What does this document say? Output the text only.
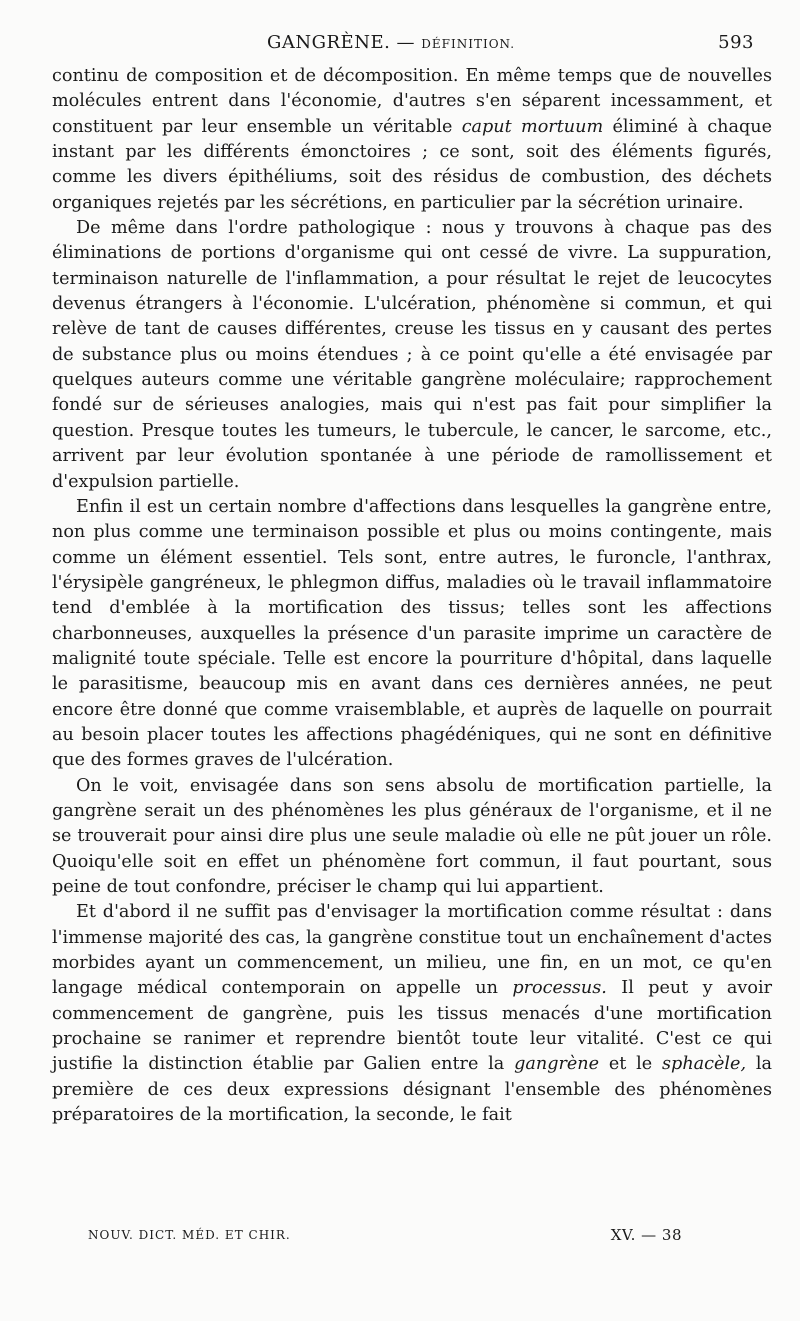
GANGRÈNE. — DÉFINITION.	593

continu de composition et de décomposition. En même temps que de nouvelles molécules entrent dans l'économie, d'autres s'en séparent incessamment, et constituent par leur ensemble un véritable caput mortuum éliminé à chaque instant par les différents émonctoires ; ce sont, soit des éléments figurés, comme les divers épithéliums, soit des résidus de combustion, des déchets organiques rejetés par les sécrétions, en particulier par la sécrétion urinaire.

De même dans l'ordre pathologique : nous y trouvons à chaque pas des éliminations de portions d'organisme qui ont cessé de vivre. La suppuration, terminaison naturelle de l'inflammation, a pour résultat le rejet de leucocytes devenus étrangers à l'économie. L'ulcération, phénomène si commun, et qui relève de tant de causes différentes, creuse les tissus en y causant des pertes de substance plus ou moins étendues ; à ce point qu'elle a été envisagée par quelques auteurs comme une véritable gangrène moléculaire; rapprochement fondé sur de sérieuses analogies, mais qui n'est pas fait pour simplifier la question. Presque toutes les tumeurs, le tubercule, le cancer, le sarcome, etc., arrivent par leur évolution spontanée à une période de ramollissement et d'expulsion partielle.

Enfin il est un certain nombre d'affections dans lesquelles la gangrène entre, non plus comme une terminaison possible et plus ou moins contingente, mais comme un élément essentiel. Tels sont, entre autres, le furoncle, l'anthrax, l'érysipèle gangréneux, le phlegmon diffus, maladies où le travail inflammatoire tend d'emblée à la mortification des tissus; telles sont les affections charbonneuses, auxquelles la présence d'un parasite imprime un caractère de malignité toute spéciale. Telle est encore la pourriture d'hôpital, dans laquelle le parasitisme, beaucoup mis en avant dans ces dernières années, ne peut encore être donné que comme vraisemblable, et auprès de laquelle on pourrait au besoin placer toutes les affections phagédéniques, qui ne sont en définitive que des formes graves de l'ulcération.

On le voit, envisagée dans son sens absolu de mortification partielle, la gangrène serait un des phénomènes les plus généraux de l'organisme, et il ne se trouverait pour ainsi dire plus une seule maladie où elle ne pût jouer un rôle. Quoiqu'elle soit en effet un phénomène fort commun, il faut pourtant, sous peine de tout confondre, préciser le champ qui lui appartient.

Et d'abord il ne suffit pas d'envisager la mortification comme résultat : dans l'immense majorité des cas, la gangrène constitue tout un enchaînement d'actes morbides ayant un commencement, un milieu, une fin, en un mot, ce qu'en langage médical contemporain on appelle un processus. Il peut y avoir commencement de gangrène, puis les tissus menacés d'une mortification prochaine se ranimer et reprendre bientôt toute leur vitalité. C'est ce qui justifie la distinction établie par Galien entre la gangrène et le sphacèle, la première de ces deux expressions désignant l'ensemble des phénomènes préparatoires de la mortification, la seconde, le fait

NOUV. DICT. MÉD. ET CHIR.	XV. — 38
